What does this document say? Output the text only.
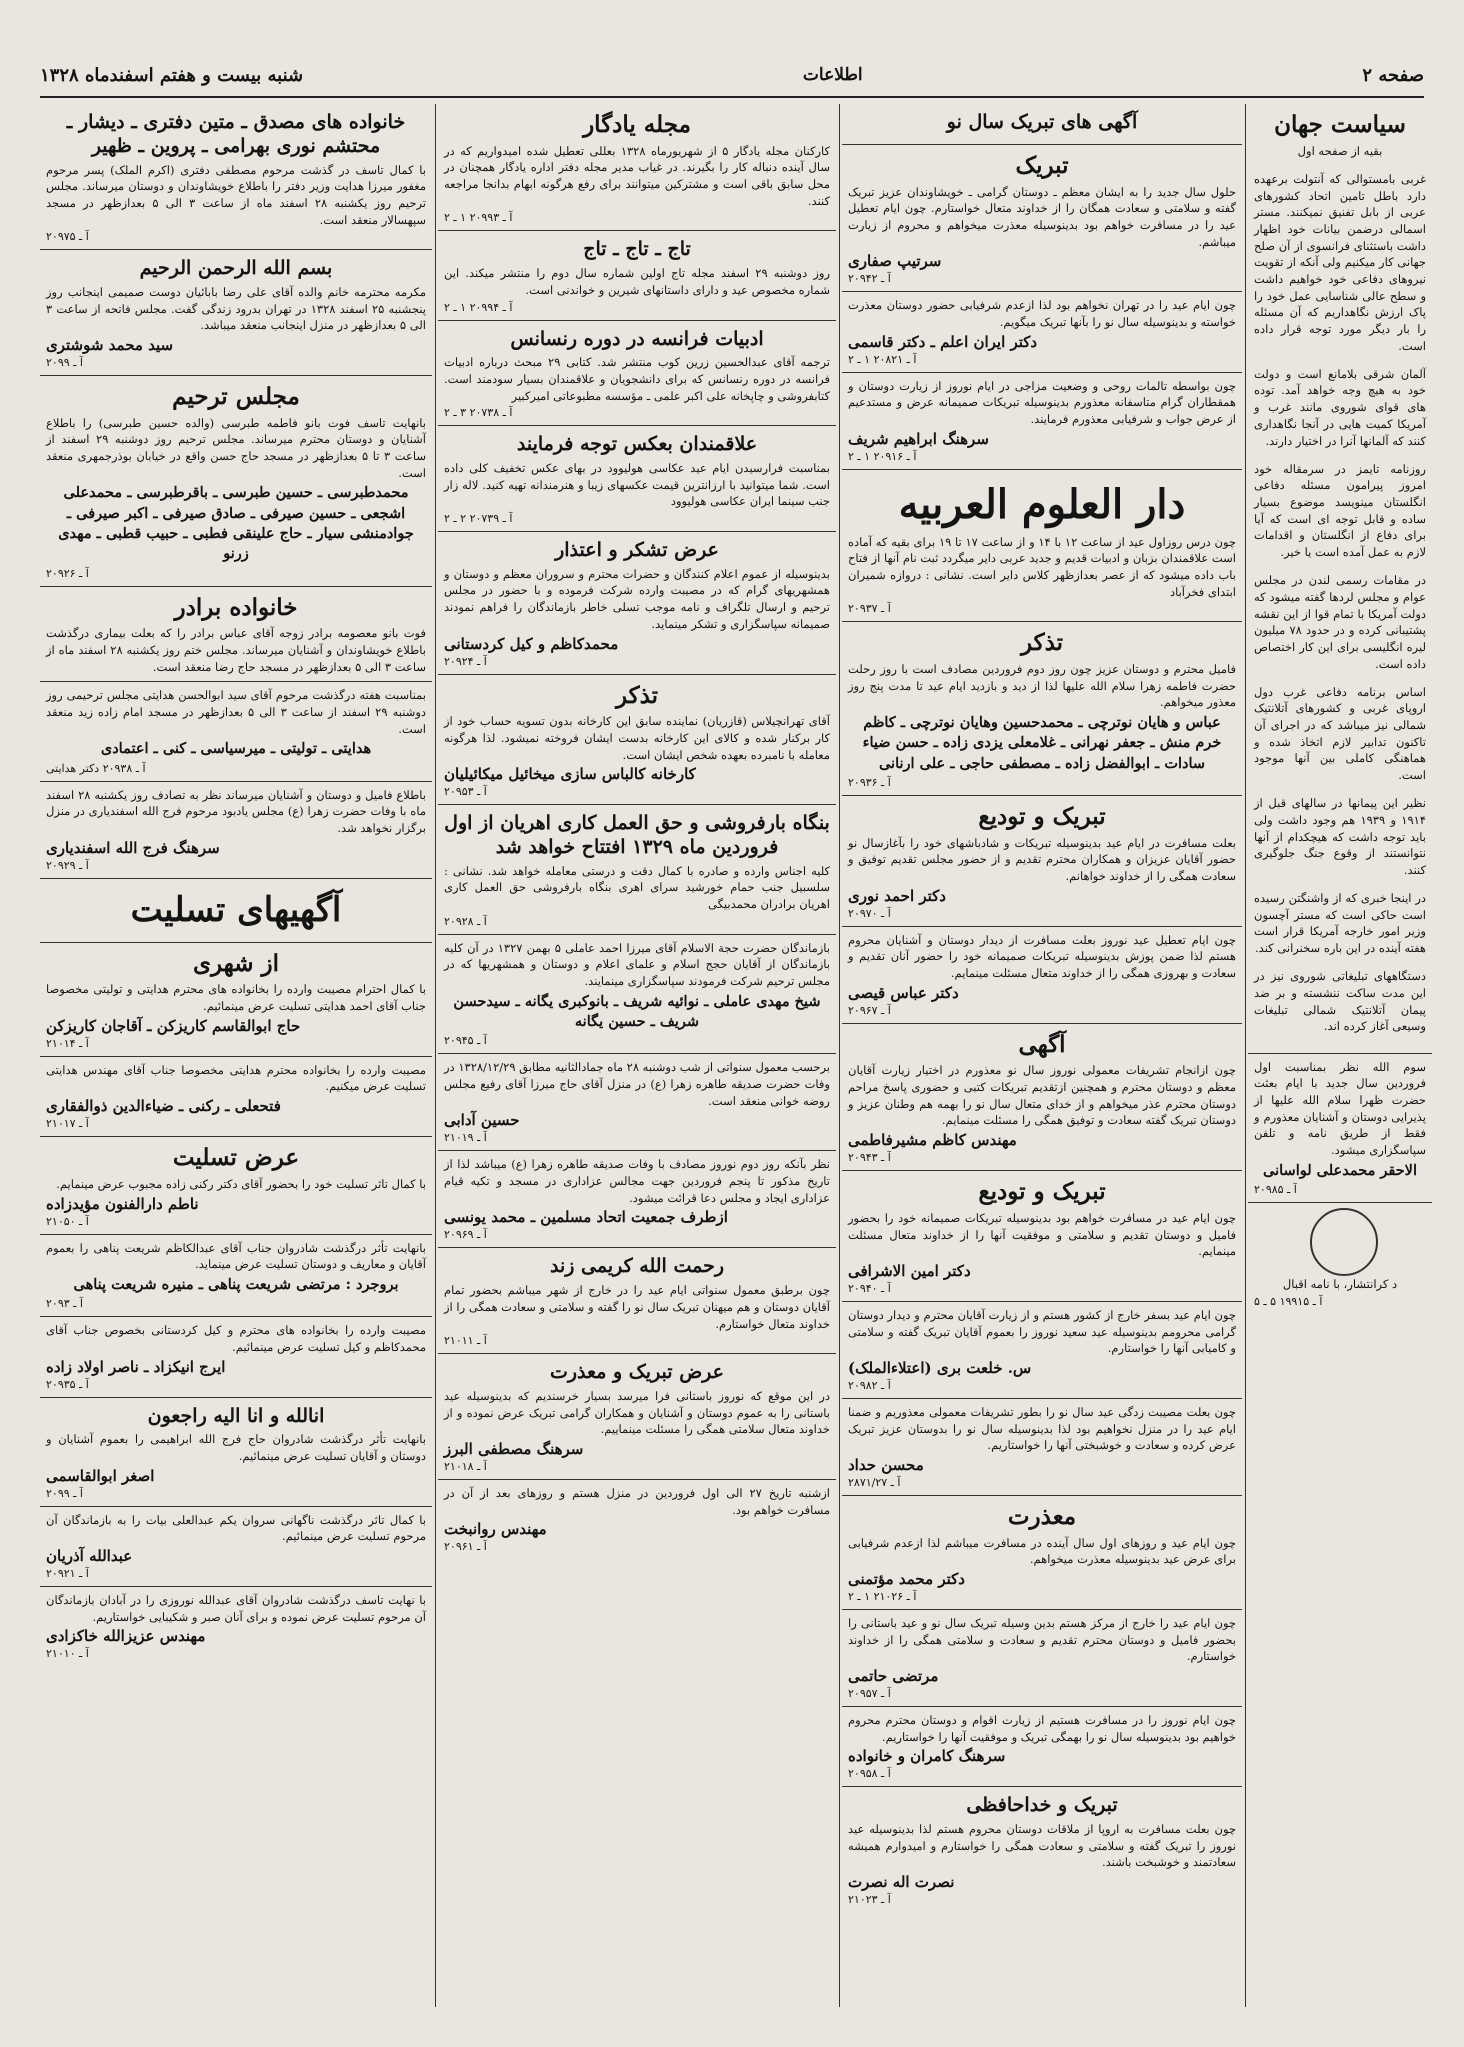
صفحه ۲
اطلاعات
شنبه بیست و هفتم اسفندماه ۱۳۲۸
سیاست جهان
بقیه از صفحه اول

غربی بامستوالی که آنتولت برعهده دارد باطل تامین اتحاد کشورهای عربی از بابل تفنیق نمیکنند. مستر اسمالی درضمن بیانات خود اظهار داشت باستثنای فرانسوی از آن صلح جهانی کار میکنیم ولی آنکه از تقویت نیروهای دفاعی خود خواهیم داشت و سطح عالی شناسایی عمل خود را پاک ارزش نگاهداریم که آن مسئله را بار دیگر مورد توجه قرار داده است.

آلمان شرقی بلامانع است و دولت خود به هیچ وجه خواهد آمد. توده های قوای شوروی مانند غرب و آمریکا کمیت هایی در آنجا نگاهداری کنند که آلمانها آنرا در اختیار دارند.

روزنامه تایمز در سرمقاله خود امروز پیرامون مسئله دفاعی انگلستان مینویسد موضوع بسیار ساده و قابل توجه ای است که آیا برای دفاع از انگلستان و اقدامات لازم به عمل آمده است یا خیر.

در مقامات رسمی لندن در مجلس عوام و مجلس لردها گفته میشود که دولت آمریکا با تمام قوا از این نقشه پشتیبانی کرده و در حدود ۷۸ میلیون لیره انگلیسی برای این کار اختصاص داده است.

اساس برنامه دفاعی غرب دول اروپای غربی و کشورهای آتلانتیک شمالی نیز میباشد که در اجرای آن تاکنون تدابیر لازم اتخاذ شده و هماهنگی کاملی بین آنها موجود است.

نظیر این پیمانها در سالهای قبل از ۱۹۱۴ و ۱۹۳۹ هم وجود داشت ولی باید توجه داشت که هیچکدام از آنها نتوانستند از وقوع جنگ جلوگیری کنند.

در اینجا خبری که از واشنگتن رسیده است حاکی است که مستر آچسون وزیر امور خارجه آمریکا قرار است هفته آینده در این باره سخنرانی کند.

دستگاههای تبلیغاتی شوروی نیز در این مدت ساکت ننشسته و بر ضد پیمان آتلانتیک شمالی تبلیغات وسیعی آغاز کرده اند.

سوم الله نظر بمناسبت اول فروردین سال جدید با ایام بعثت حضرت ظهرا سلام الله علیها از پذیرایی دوستان و آشنایان معذورم و فقط از طریق نامه و تلفن سپاسگزاری میشود.
الاحقر محمدعلی لواسانی
آ ـ ۲۰۹۸۵
د کرانتشار، با نامه اقبال
آ ـ ۱۹۹۱۵ ۵ ـ ۵
آگهی های تبریک سال نو
تبریک
حلول سال جدید را به ایشان معظم ـ دوستان گرامی ـ خویشاوندان عزیز تبریک گفته و سلامتی و سعادت همگان را از خداوند متعال خواستارم. چون ایام تعطیل عید را در مسافرت خواهم بود بدینوسیله معذرت میخواهم و محروم از زیارت میباشم.
سرتیپ صفاری
آ ـ ۲۰۹۴۲
چون ایام عید را در تهران نخواهم بود لذا ازعدم شرفیابی حضور دوستان معذرت خواسته و بدینوسیله سال نو را بآنها تبریک میگویم.
دکتر ایران اعلم ـ دکتر قاسمی
آ ـ ۲۰۸۲۱ ۱ ـ ۲
چون بواسطه تالمات روحی و وضعیت مزاجی در ایام نوروز از زیارت دوستان و همقطاران گرام متاسفانه معذورم بدینوسیله تبریکات صمیمانه عرض و مستدعیم از عرض جواب و شرفیابی معذورم فرمایند.
سرهنگ ابراهیم شریف
آ ـ ۲۰۹۱۶ ۱ ـ ۲
دار العلوم العربیه
چون درس روزاول عید از ساعت ۱۲ با ۱۴ و از ساعت ۱۷ تا ۱۹ برای بقیه که آماده است علاقمندان بزبان و ادبیات قدیم و جدید عربی دایر میگردد ثبت نام آنها از فتاح باب داده میشود که از عصر بعدازظهر کلاس دایر است. نشانی : دروازه شمیران ابتدای فخرآباد
آ ـ ۲۰۹۳۷
تذکر
فامیل محترم و دوستان عزیز چون روز دوم فروردین مصادف است با روز رحلت حضرت فاطمه زهرا سلام الله علیها لذا از دید و بازدید ایام عید تا مدت پنج روز معذور میخواهم.
عباس و هایان نوترچی ـ محمدحسین وهایان نوترچی ـ کاظم خرم منش ـ جعفر نهرانی ـ غلامعلی یزدی زاده ـ حسن ضیاء سادات ـ ابوالفضل زاده ـ مصطفی حاجی ـ علی ارنانی
آ ـ ۲۰۹۳۶
تبریک و تودیع
بعلت مسافرت در ایام عید بدینوسیله تبریکات و شادباشهای خود را بآغازسال نو حضور آقایان عزیزان و همکاران محترم تقدیم و از حضور مجلس تقدیم توفیق و سعادت همگی را از خداوند خواهانم.
دکتر احمد نوری
آ ـ ۲۰۹۷۰
چون ایام تعطیل عید نوروز بعلت مسافرت از دیدار دوستان و آشنایان محروم هستم لذا ضمن پوزش بدینوسیله تبریکات صمیمانه خود را حضور آنان تقدیم و سعادت و بهروزی همگی را از خداوند متعال مسئلت مینمایم.
دکتر عباس قیصی
آ ـ ۲۰۹۶۷
آگهی
چون ازانجام تشریفات معمولی نوروز سال نو معذورم در اختیار زیارت آقایان معظم و دوستان محترم و همچنین ازتقدیم تبریکات کتبی و حضوری پاسخ مراحم دوستان محترم عذر میخواهم و از خدای متعال سال نو را بهمه هم وطنان عزیز و دوستان تبریک گفته سعادت و توفیق همگی را مسئلت مینمایم.
مهندس کاظم مشیرفاطمی
آ ـ ۲۰۹۴۳
تبریک و تودیع
چون ایام عید در مسافرت خواهم بود بدینوسیله تبریکات صمیمانه خود را بحضور فامیل و دوستان تقدیم و سلامتی و موفقیت آنها را از خداوند متعال مسئلت مینمایم.
دکتر امین الاشرافی
آ ـ ۲۰۹۴۰
چون ایام عید بسفر خارج از کشور هستم و از زیارت آقایان محترم و دیدار دوستان گرامی محرومم بدینوسیله عید سعید نوروز را بعموم آقایان تبریک گفته و سلامتی و کامیابی آنها را خواستارم.
س. خلعت بری (اعتلاءالملک)
آ ـ ۲۰۹۸۲
چون بعلت مصیبت زدگی عید سال نو را بطور تشریفات معمولی معذوریم و ضمنا ایام عید را در منزل نخواهیم بود لذا بدینوسیله سال نو را بدوستان عزیز تبریک عرض کرده و سعادت و خوشبختی آنها را خواستاریم.
محسن حداد
آ ـ ۲۸۷۱/۲۷
معذرت
چون ایام عید و روزهای اول سال آینده در مسافرت میباشم لذا ازعدم شرفیابی برای عرض عید بدینوسیله معذرت میخواهم.
دکتر محمد مؤتمنی
آ ـ ۲۱۰۲۶ ۱ ـ ۲
چون ایام عید را خارج از مرکز هستم بدین وسیله تبریک سال نو و عید باستانی را بحضور فامیل و دوستان محترم تقدیم و سعادت و سلامتی همگی را از خداوند خواستارم.
مرتضی حاتمی
آ ـ ۲۰۹۵۷
چون ایام نوروز را در مسافرت هستیم از زیارت اقوام و دوستان محترم محروم خواهیم بود بدینوسیله سال نو را بهمگی تبریک و موفقیت آنها را خواستاریم.
سرهنگ کامران و خانواده
آ ـ ۲۰۹۵۸
تبریک و خداحافظی
چون بعلت مسافرت به اروپا از ملاقات دوستان محروم هستم لذا بدینوسیله عید نوروز را تبریک گفته و سلامتی و سعادت همگی را خواستارم و امیدوارم همیشه سعادتمند و خوشبخت باشند.
نصرت اله نصرت
آ ـ ۲۱۰۲۳
مجله یادگار
کارکنان مجله یادگار ۵ از شهریورماه ۱۳۲۸ بعللی تعطیل شده امیدواریم که در سال آینده دنباله کار را بگیرند. در غیاب مدیر مجله دفتر اداره یادگار همچنان در محل سابق باقی است و مشترکین میتوانند برای رفع هرگونه ابهام بدانجا مراجعه کنند.
آ ـ ۲۰۹۹۳ ۱ ـ ۲
تاج ـ تاج ـ تاج
روز دوشنبه ۲۹ اسفند مجله تاج اولین شماره سال دوم را منتشر میکند. این شماره مخصوص عید و دارای داستانهای شیرین و خواندنی است.
آ ـ ۲۰۹۹۴ ۱ ـ ۲
ادبیات فرانسه در دوره رنسانس
ترجمه آقای عبدالحسین زرین کوب منتشر شد. کتابی ۲۹ مبحث درباره ادبیات فرانسه در دوره رنسانس که برای دانشجویان و علاقمندان بسیار سودمند است. کتابفروشی و چاپخانه علی اکبر علمی ـ مؤسسه مطبوعاتی امیرکبیر
آ ـ ۲۰۷۳۸ ۳ ـ ۲
علاقمندان بعکس توجه فرمایند
بمناسبت فرارسیدن ایام عید عکاسی هولیوود در بهای عکس تخفیف کلی داده است. شما میتوانید با ارزانترین قیمت عکسهای زیبا و هنرمندانه تهیه کنید. لاله زار جنب سینما ایران عکاسی هولیوود
آ ـ ۲۰۷۳۹ ۲ ـ ۲
عرض تشکر و اعتذار
بدینوسیله از عموم اعلام کنندگان و حضرات محترم و سروران معظم و دوستان و همشهریهای گرام که در مصیبت وارده شرکت فرموده و با حضور در مجلس ترحیم و ارسال تلگراف و نامه موجب تسلی خاطر بازماندگان را فراهم نمودند صمیمانه سپاسگزاری و تشکر مینماید.
محمدکاظم و کیل کردستانی
آ ـ ۲۰۹۲۴
تذکر
آقای تهرانچیلاس (قازریان) نماینده سابق این کارخانه بدون تسویه حساب خود از کار برکنار شده و کالای این کارخانه بدست ایشان فروخته نمیشود. لذا هرگونه معامله با نامبرده بعهده شخص ایشان است.
کارخانه کالباس سازی میخائیل میکائیلیان
آ ـ ۲۰۹۵۳
بنگاه بارفروشی و حق العمل کاری اهریان از اول فروردین ماه ۱۳۲۹ افتتاح خواهد شد
کلیه اجناس وارده و صادره با کمال دقت و درستی معامله خواهد شد. نشانی : سلسبیل جنب حمام خورشید سرای اهری بنگاه بارفروشی حق العمل کاری اهریان برادران محمدبیگی
آ ـ ۲۰۹۲۸
بازماندگان حضرت حجة الاسلام آقای میرزا احمد عاملی ۵ بهمن ۱۳۲۷ در آن کلیه بازماندگان از آقایان حجج اسلام و علمای اعلام و دوستان و همشهریها که در مجلس ترحیم شرکت فرمودند سپاسگزاری مینمایند.
شیخ مهدی عاملی ـ نوائیه شریف ـ بانوکبری یگانه ـ سیدحسن شریف ـ حسین یگانه
آ ـ ۲۰۹۴۵
برحسب معمول سنواتی از شب دوشنبه ۲۸ ماه جمادالثانیه مطابق ۱۳۲۸/۱۲/۲۹ در وفات حضرت صدیقه طاهره زهرا (ع) در منزل آقای حاج میرزا آقای رفیع مجلس روضه خوانی منعقد است.
حسین آدابی
آ ـ ۲۱۰۱۹
نظر بآنکه روز دوم نوروز مصادف با وفات صدیقه طاهره زهرا (ع) میباشد لذا از تاریخ مذکور تا پنجم فروردین جهت مجالس عزاداری در مسجد و تکیه قیام عزاداری ایجاد و مجلس دعا قرائت میشود.
ازطرف جمعیت اتحاد مسلمین ـ محمد یونسی
آ ـ ۲۰۹۶۹
رحمت الله کریمی زند
چون برطبق معمول سنواتی ایام عید را در خارج از شهر میباشم بحضور تمام آقایان دوستان و هم میهنان تبریک سال نو را گفته و سلامتی و سعادت همگی را از خداوند متعال خواستارم.
آ ـ ۲۱۰۱۱
عرض تبریک و معذرت
در این موقع که نوروز باستانی فرا میرسد بسیار خرسندیم که بدینوسیله عید باستانی را به عموم دوستان و آشنایان و همکاران گرامی تبریک عرض نموده و از خداوند متعال سلامتی همگی را مسئلت مینماییم.
سرهنگ مصطفی البرز
آ ـ ۲۱۰۱۸
ازشنبه تاریخ ۲۷ الی اول فروردین در منزل هستم و روزهای بعد از آن در مسافرت خواهم بود.
مهندس روانبخت
آ ـ ۲۰۹۶۱
خانواده های مصدق ـ متین دفتری ـ دیشار ـ محتشم نوری بهرامی ـ پروین ـ ظهیر
با کمال تاسف در گذشت مرحوم مصطفی دفتری (اکرم الملک) پسر مرحوم مغفور میرزا هدایت وزیر دفتر را باطلاع خویشاوندان و دوستان میرساند. مجلس ترحیم روز یکشنبه ۲۸ اسفند ماه از ساعت ۳ الی ۵ بعدازظهر در مسجد سپهسالار منعقد است.
آ ـ ۲۰۹۷۵
بسم الله الرحمن الرحیم
مکرمه محترمه خانم والده آقای علی رضا بابائیان دوست صمیمی اینجانب روز پنجشنبه ۲۵ اسفند ۱۳۲۸ در تهران بدرود زندگی گفت. مجلس فاتحه از ساعت ۳ الی ۵ بعدازظهر در منزل اینجانب منعقد میباشد.
سید محمد شوشتری
آ ـ ۲۰۹۹
مجلس ترحیم
بانهایت تاسف فوت بانو فاطمه طبرسی (والده حسین طبرسی) را باطلاع آشنایان و دوستان محترم میرساند. مجلس ترحیم روز دوشنبه ۲۹ اسفند از ساعت ۳ تا ۵ بعدازظهر در مسجد حاج حسن واقع در خیابان بوذرجمهری منعقد است.
محمدطبرسی ـ حسین طبرسی ـ باقرطبرسی ـ محمدعلی اشجعی ـ حسین صیرفی ـ صادق صیرفی ـ اکبر صیرفی ـ جوادمنشی سیار ـ حاج علینقی فطبی ـ حبیب قطبی ـ مهدی زرنو
آ ـ ۲۰۹۲۶
خانواده برادر
فوت بانو معصومه برادر زوجه آقای عباس برادر را که بعلت بیماری درگذشت باطلاع خویشاوندان و آشنایان میرساند. مجلس ختم روز یکشنبه ۲۸ اسفند ماه از ساعت ۳ الی ۵ بعدازظهر در مسجد حاج رضا منعقد است.
بمناسبت هفته درگذشت مرحوم آقای سید ابوالحسن هدایتی مجلس ترحیمی روز دوشنبه ۲۹ اسفند از ساعت ۳ الی ۵ بعدازظهر در مسجد امام زاده زید منعقد است.
هدایتی ـ تولیتی ـ میرسیاسی ـ کنی ـ اعتمادی
آ ـ ۲۰۹۳۸ دکتر هدایتی
باطلاع فامیل و دوستان و آشنایان میرساند نظر به تصادف روز یکشنبه ۲۸ اسفند ماه با وفات حضرت زهرا (ع) مجلس یادبود مرحوم فرج الله اسفندیاری در منزل برگزار نخواهد شد.
سرهنگ فرج الله اسفندیاری
آ ـ ۲۰۹۲۹
آگهیهای تسلیت
از شهری
با کمال احترام مصیبت وارده را بخانواده های محترم هدایتی و تولیتی مخصوصا جناب آقای احمد هدایتی تسلیت عرض مینمائیم.
حاج ابوالقاسم کاریزکن ـ آقاجان کاریزکن
آ ـ ۲۱۰۱۴
مصیبت وارده را بخانواده محترم هدایتی مخصوصا جناب آقای مهندس هدایتی تسلیت عرض میکنیم.
فتحعلی ـ رکنی ـ ضیاءالدین ذوالفقاری
آ ـ ۲۱۰۱۷
عرض تسلیت
با کمال تاثر تسلیت خود را بحضور آقای دکتر رکنی زاده مجبوب عرض مینمایم.
ناطم دارالفنون مؤیدزاده
آ ـ ۲۱۰۵۰
بانهایت تأثر درگذشت شادروان جناب آقای عبدالکاظم شریعت پناهی را بعموم آقایان و معاریف و دوستان تسلیت عرض مینماید.
بروجرد : مرتضی شریعت پناهی ـ منیره شریعت پناهی
آ ـ ۲۰۹۳
مصیبت وارده را بخانواده های محترم و کیل کردستانی بخصوص جناب آقای محمدکاظم و کیل تسلیت عرض مینمائیم.
ایرج انیکزاد ـ ناصر اولاد زاده
آ ـ ۲۰۹۳۵
انالله و انا الیه راجعون
بانهایت تأثر درگذشت شادروان حاج فرج الله ابراهیمی را بعموم آشنایان و دوستان و آقایان تسلیت عرض مینمائیم.
اصغر ابوالقاسمی
آ ـ ۲۰۹۹
با کمال تاثر درگذشت ناگهانی سروان یکم عبدالعلی بیات را به بازماندگان آن مرحوم تسلیت عرض مینمائیم.
عبدالله آذریان
آ ـ ۲۰۹۲۱
با نهایت تاسف درگذشت شادروان آقای عبدالله نوروزی را در آبادان بازماندگان آن مرحوم تسلیت عرض نموده و برای آنان صبر و شکیبایی خواستاریم.
مهندس عزیزالله خاکزادی
آ ـ ۲۱۰۱۰
